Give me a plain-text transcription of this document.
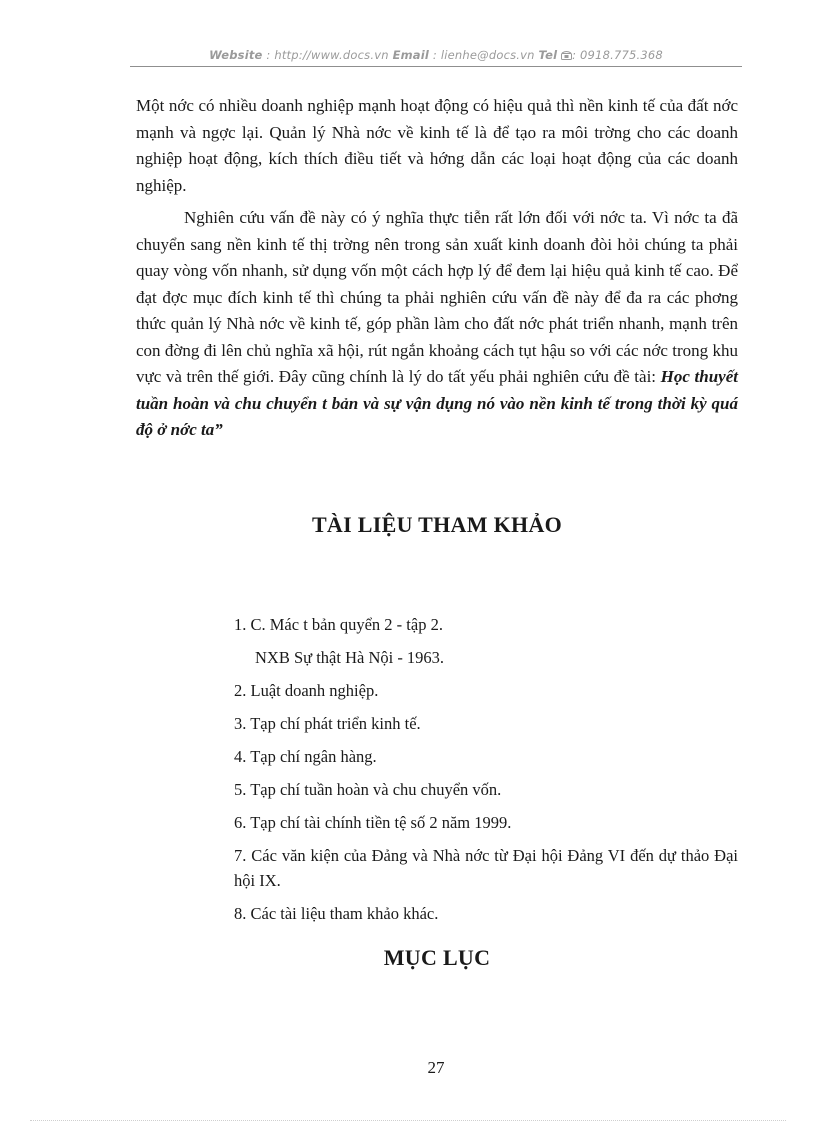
Website : http://www.docs.vn Email : lienhe@docs.vn Tel : 0918.775.368

Một nớc có nhiều doanh nghiệp mạnh hoạt động có hiệu quả thì nền kinh tế của đất nớc mạnh và ngợc lại. Quản lý Nhà nớc về kinh tế là để tạo ra môi trờng cho các doanh nghiệp hoạt động, kích thích điều tiết và hớng dẫn các loại hoạt động của các doanh nghiệp.

Nghiên cứu vấn đề này có ý nghĩa thực tiễn rất lớn đối với nớc ta. Vì nớc ta đã chuyển sang nền kinh tế thị trờng nên trong sản xuất kinh doanh đòi hỏi chúng ta phải quay vòng vốn nhanh, sử dụng vốn một cách hợp lý để đem lại hiệu quả kinh tế cao. Để đạt đợc mục đích kinh tế thì chúng ta phải nghiên cứu vấn đề này để đa ra các phơng thức quản lý Nhà nớc về kinh tế, góp phần làm cho đất nớc phát triển nhanh, mạnh trên con đờng đi lên chủ nghĩa xã hội, rút ngắn khoảng cách tụt hậu so với các nớc trong khu vực và trên thế giới. Đây cũng chính là lý do tất yếu phải nghiên cứu đề tài: Học thuyết tuần hoàn và chu chuyển t bản và sự vận dụng nó vào nền kinh tế trong thời kỳ quá độ ở nớc ta”

TÀI LIỆU THAM KHẢO
1. C. Mác t bản quyển 2 - tập 2.
NXB Sự thật Hà Nội - 1963.
2. Luật doanh nghiệp.
3. Tạp chí phát triển kinh tế.
4. Tạp chí ngân hàng.
5. Tạp chí tuần hoàn và chu chuyển vốn.
6. Tạp chí tài chính tiền tệ số 2 năm 1999.
7. Các văn kiện của Đảng và Nhà nớc từ Đại hội Đảng VI đến dự thảo Đại hội IX.
8. Các tài liệu tham khảo khác.
MỤC LỤC
27
